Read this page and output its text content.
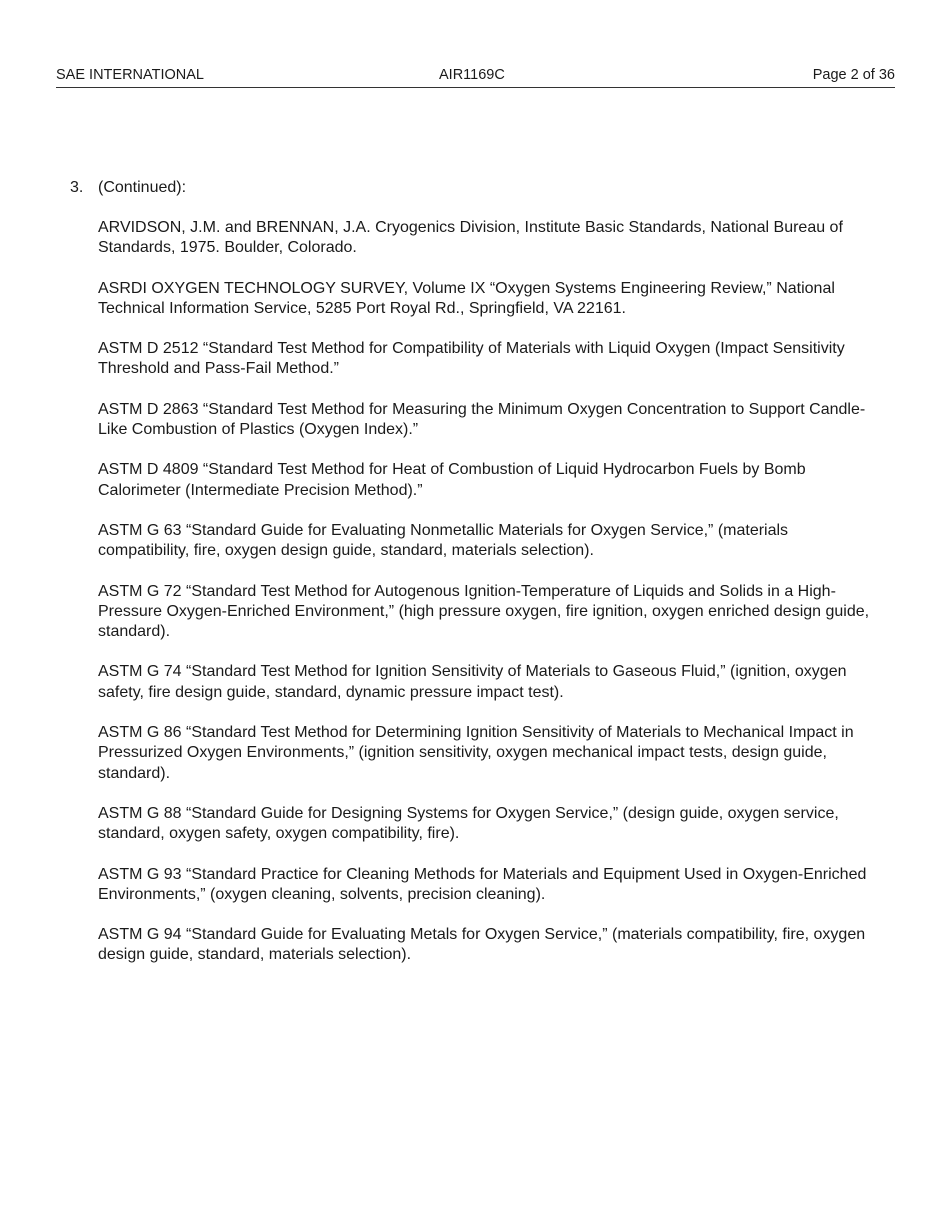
SAE INTERNATIONAL	AIR1169C	Page 2 of 36
3. (Continued):
ARVIDSON, J.M. and BRENNAN, J.A. Cryogenics Division, Institute Basic Standards, National Bureau of Standards, 1975. Boulder, Colorado.
ASRDI OXYGEN TECHNOLOGY SURVEY, Volume IX “Oxygen Systems Engineering Review,” National Technical Information Service, 5285 Port Royal Rd., Springfield, VA 22161.
ASTM D 2512 “Standard Test Method for Compatibility of Materials with Liquid Oxygen (Impact Sensitivity Threshold and Pass-Fail Method.”
ASTM D 2863 “Standard Test Method for Measuring the Minimum Oxygen Concentration to Support Candle-Like Combustion of Plastics (Oxygen Index).”
ASTM D 4809 “Standard Test Method for Heat of Combustion of Liquid Hydrocarbon Fuels by Bomb Calorimeter (Intermediate Precision Method).”
ASTM G 63 “Standard Guide for Evaluating Nonmetallic Materials for Oxygen Service,” (materials compatibility, fire, oxygen design guide, standard, materials selection).
ASTM G 72 “Standard Test Method for Autogenous Ignition-Temperature of Liquids and Solids in a High-Pressure Oxygen-Enriched Environment,” (high pressure oxygen, fire ignition, oxygen enriched design guide, standard).
ASTM G 74 “Standard Test Method for Ignition Sensitivity of Materials to Gaseous Fluid,” (ignition, oxygen safety, fire design guide, standard, dynamic pressure impact test).
ASTM G 86 “Standard Test Method for Determining Ignition Sensitivity of Materials to Mechanical Impact in Pressurized Oxygen Environments,” (ignition sensitivity, oxygen mechanical impact tests, design guide, standard).
ASTM G 88 “Standard Guide for Designing Systems for Oxygen Service,” (design guide, oxygen service, standard, oxygen safety, oxygen compatibility, fire).
ASTM G 93 “Standard Practice for Cleaning Methods for Materials and Equipment Used in Oxygen-Enriched Environments,” (oxygen cleaning, solvents, precision cleaning).
ASTM G 94 “Standard Guide for Evaluating Metals for Oxygen Service,” (materials compatibility, fire, oxygen design guide, standard, materials selection).
